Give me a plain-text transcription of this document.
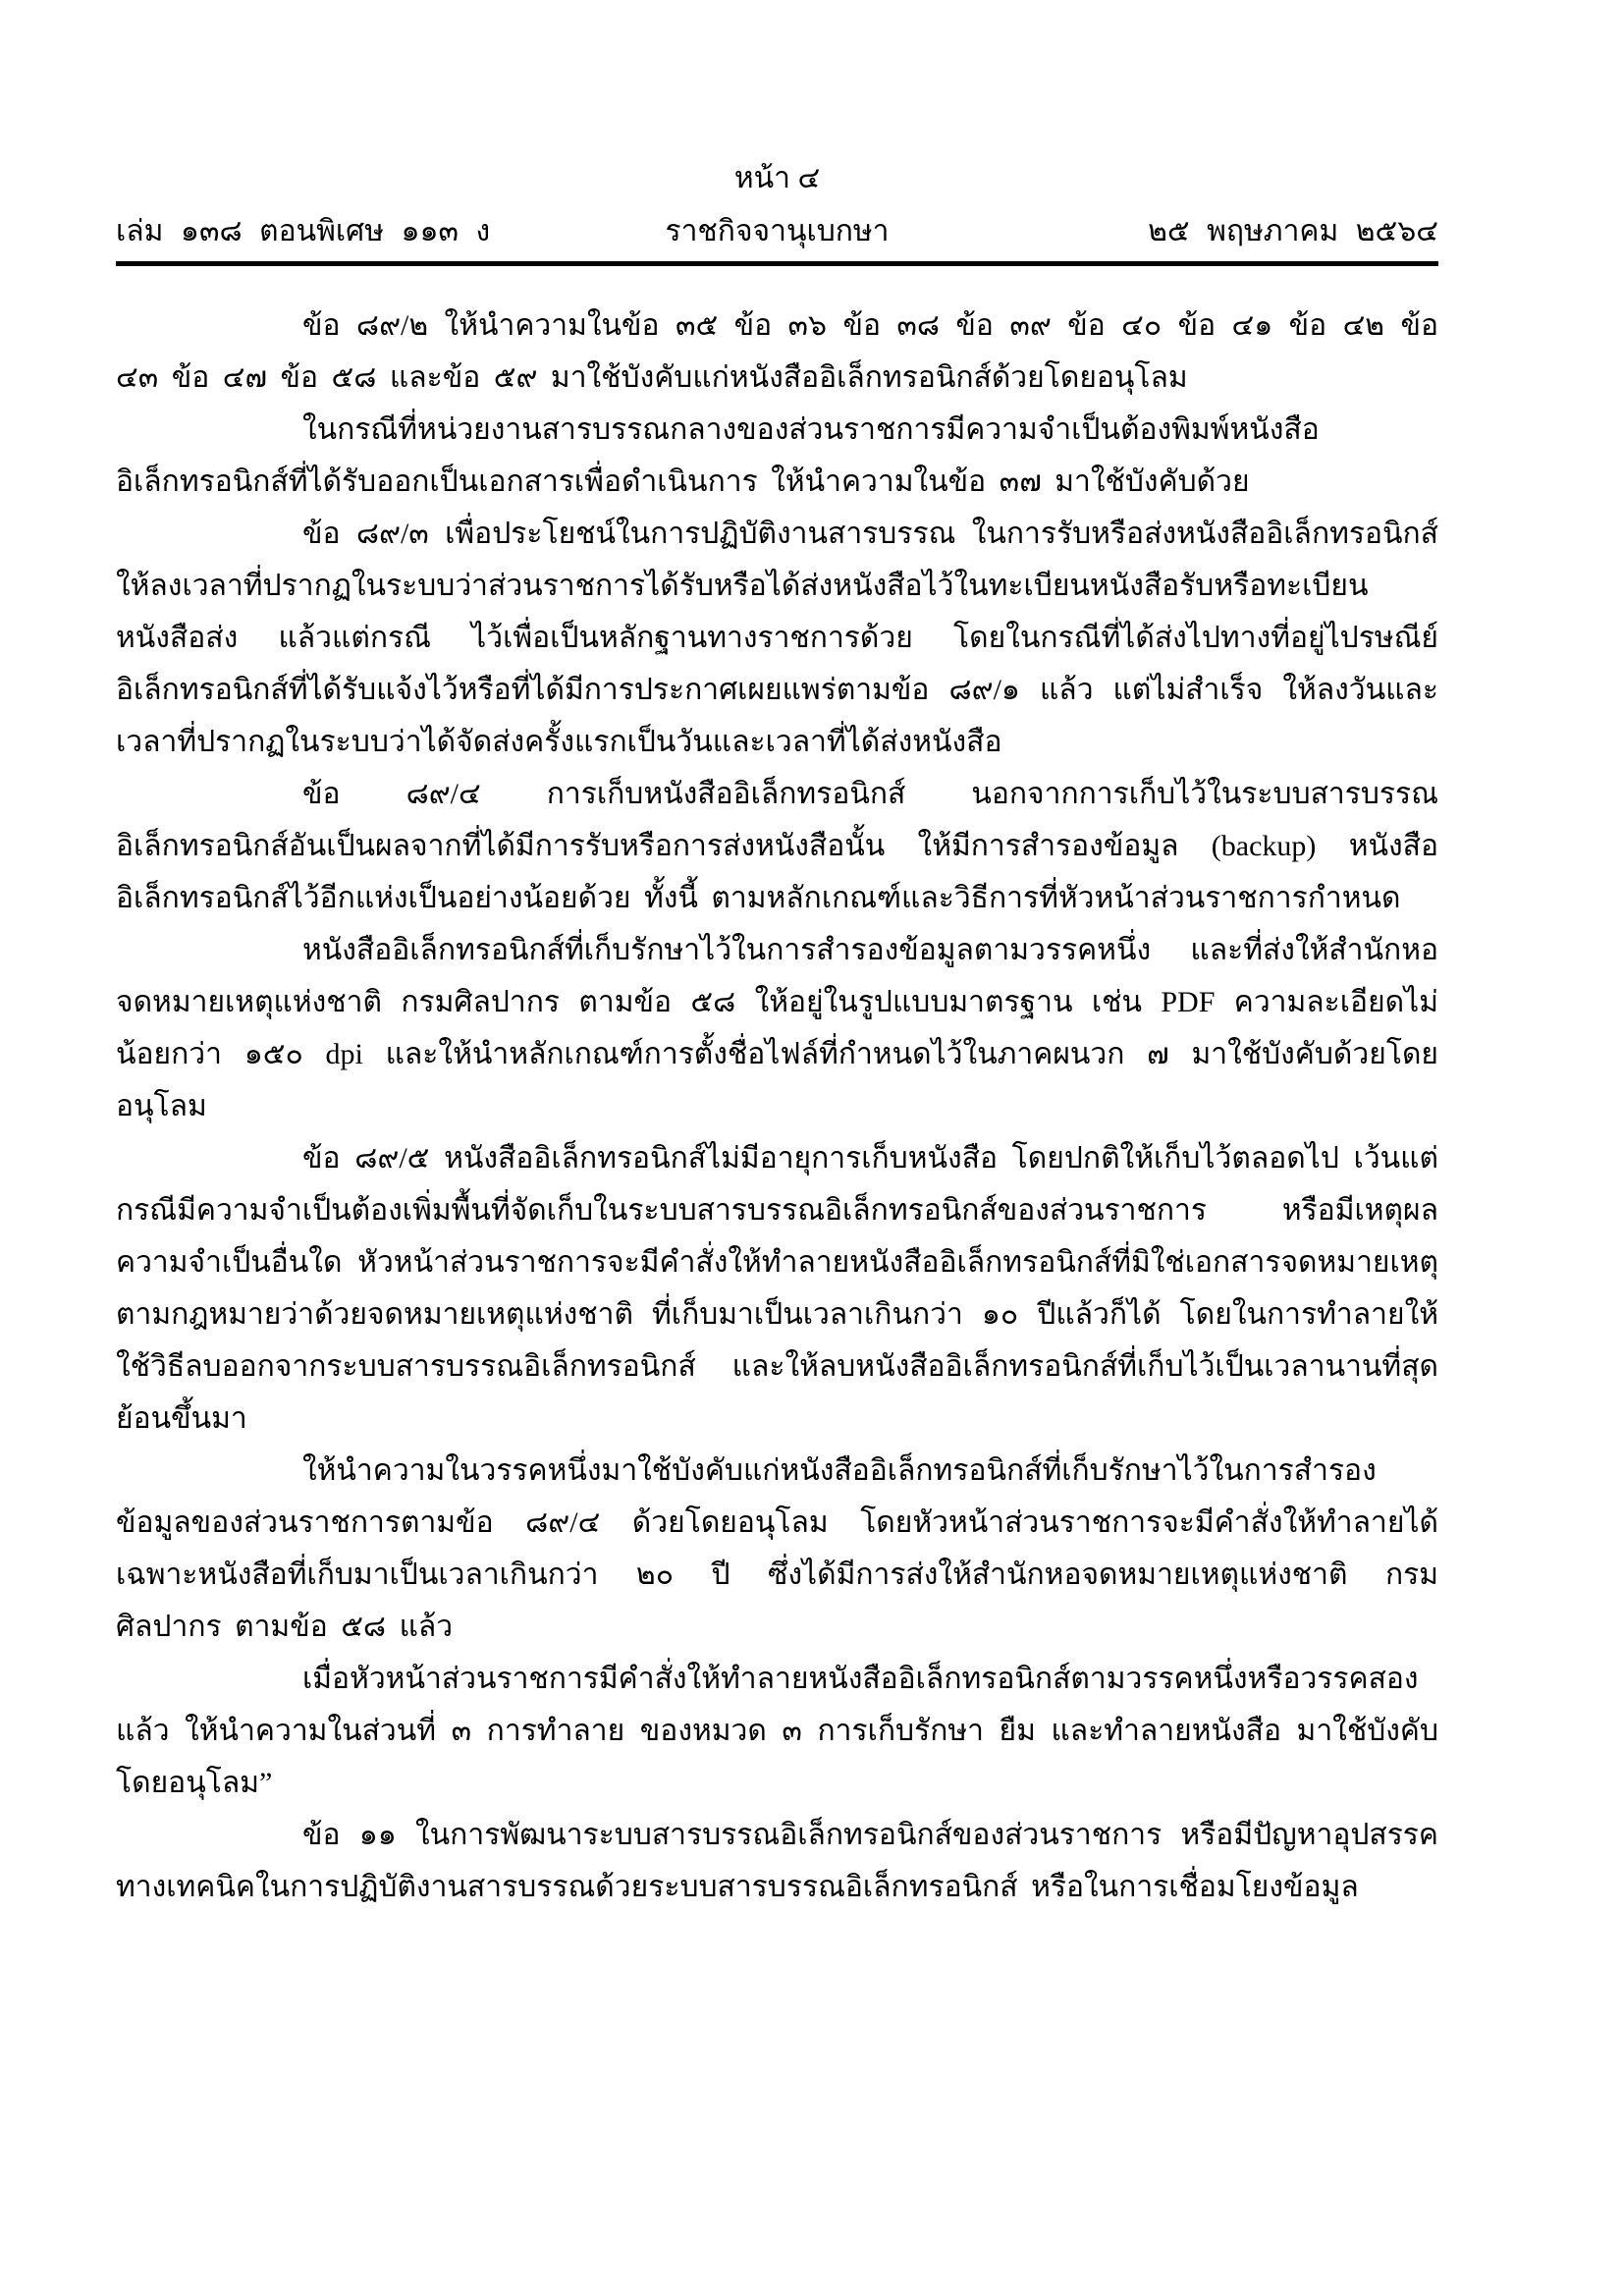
หน้า ๔
เล่ม ๑๓๘ ตอนพิเศษ ๑๑๓ ง	ราชกิจจานุเบกษา	๒๕ พฤษภาคม ๒๕๖๔

ข้อ ๘๙/๒ ให้นำความในข้อ ๓๕ ข้อ ๓๖ ข้อ ๓๘ ข้อ ๓๙ ข้อ ๔๐ ข้อ ๔๑ ข้อ ๔๒ ข้อ ๔๓ ข้อ ๔๗ ข้อ ๕๘ และข้อ ๕๙ มาใช้บังคับแก่หนังสืออิเล็กทรอนิกส์ด้วยโดยอนุโลม

ในกรณีที่หน่วยงานสารบรรณกลางของส่วนราชการมีความจำเป็นต้องพิมพ์หนังสืออิเล็กทรอนิกส์ที่ได้รับออกเป็นเอกสารเพื่อดำเนินการ ให้นำความในข้อ ๓๗ มาใช้บังคับด้วย

ข้อ ๘๙/๓ เพื่อประโยชน์ในการปฏิบัติงานสารบรรณ ในการรับหรือส่งหนังสืออิเล็กทรอนิกส์ให้ลงเวลาที่ปรากฏในระบบว่าส่วนราชการได้รับหรือได้ส่งหนังสือไว้ในทะเบียนหนังสือรับหรือทะเบียนหนังสือส่ง แล้วแต่กรณี ไว้เพื่อเป็นหลักฐานทางราชการด้วย โดยในกรณีที่ได้ส่งไปทางที่อยู่ไปรษณีย์อิเล็กทรอนิกส์ที่ได้รับแจ้งไว้หรือที่ได้มีการประกาศเผยแพร่ตามข้อ ๘๙/๑ แล้ว แต่ไม่สำเร็จ ให้ลงวันและเวลาที่ปรากฏในระบบว่าได้จัดส่งครั้งแรกเป็นวันและเวลาที่ได้ส่งหนังสือ

ข้อ ๘๙/๔ การเก็บหนังสืออิเล็กทรอนิกส์ นอกจากการเก็บไว้ในระบบสารบรรณอิเล็กทรอนิกส์อันเป็นผลจากที่ได้มีการรับหรือการส่งหนังสือนั้น ให้มีการสำรองข้อมูล (backup) หนังสืออิเล็กทรอนิกส์ไว้อีกแห่งเป็นอย่างน้อยด้วย ทั้งนี้ ตามหลักเกณฑ์และวิธีการที่หัวหน้าส่วนราชการกำหนด

หนังสืออิเล็กทรอนิกส์ที่เก็บรักษาไว้ในการสำรองข้อมูลตามวรรคหนึ่ง และที่ส่งให้สำนักหอจดหมายเหตุแห่งชาติ กรมศิลปากร ตามข้อ ๕๘ ให้อยู่ในรูปแบบมาตรฐาน เช่น PDF ความละเอียดไม่น้อยกว่า ๑๕๐ dpi และให้นำหลักเกณฑ์การตั้งชื่อไฟล์ที่กำหนดไว้ในภาคผนวก ๗ มาใช้บังคับด้วยโดยอนุโลม

ข้อ ๘๙/๕ หนังสืออิเล็กทรอนิกส์ไม่มีอายุการเก็บหนังสือ โดยปกติให้เก็บไว้ตลอดไป เว้นแต่กรณีมีความจำเป็นต้องเพิ่มพื้นที่จัดเก็บในระบบสารบรรณอิเล็กทรอนิกส์ของส่วนราชการ หรือมีเหตุผลความจำเป็นอื่นใด หัวหน้าส่วนราชการจะมีคำสั่งให้ทำลายหนังสืออิเล็กทรอนิกส์ที่มิใช่เอกสารจดหมายเหตุตามกฎหมายว่าด้วยจดหมายเหตุแห่งชาติ ที่เก็บมาเป็นเวลาเกินกว่า ๑๐ ปีแล้วก็ได้ โดยในการทำลายให้ใช้วิธีลบออกจากระบบสารบรรณอิเล็กทรอนิกส์ และให้ลบหนังสืออิเล็กทรอนิกส์ที่เก็บไว้เป็นเวลานานที่สุดย้อนขึ้นมา

ให้นำความในวรรคหนึ่งมาใช้บังคับแก่หนังสืออิเล็กทรอนิกส์ที่เก็บรักษาไว้ในการสำรองข้อมูลของส่วนราชการตามข้อ ๘๙/๔ ด้วยโดยอนุโลม โดยหัวหน้าส่วนราชการจะมีคำสั่งให้ทำลายได้เฉพาะหนังสือที่เก็บมาเป็นเวลาเกินกว่า ๒๐ ปี ซึ่งได้มีการส่งให้สำนักหอจดหมายเหตุแห่งชาติ กรมศิลปากร ตามข้อ ๕๘ แล้ว

เมื่อหัวหน้าส่วนราชการมีคำสั่งให้ทำลายหนังสืออิเล็กทรอนิกส์ตามวรรคหนึ่งหรือวรรคสองแล้ว ให้นำความในส่วนที่ ๓ การทำลาย ของหมวด ๓ การเก็บรักษา ยืม และทำลายหนังสือ มาใช้บังคับโดยอนุโลม”

ข้อ ๑๑ ในการพัฒนาระบบสารบรรณอิเล็กทรอนิกส์ของส่วนราชการ หรือมีปัญหาอุปสรรคทางเทคนิคในการปฏิบัติงานสารบรรณด้วยระบบสารบรรณอิเล็กทรอนิกส์ หรือในการเชื่อมโยงข้อมูล
